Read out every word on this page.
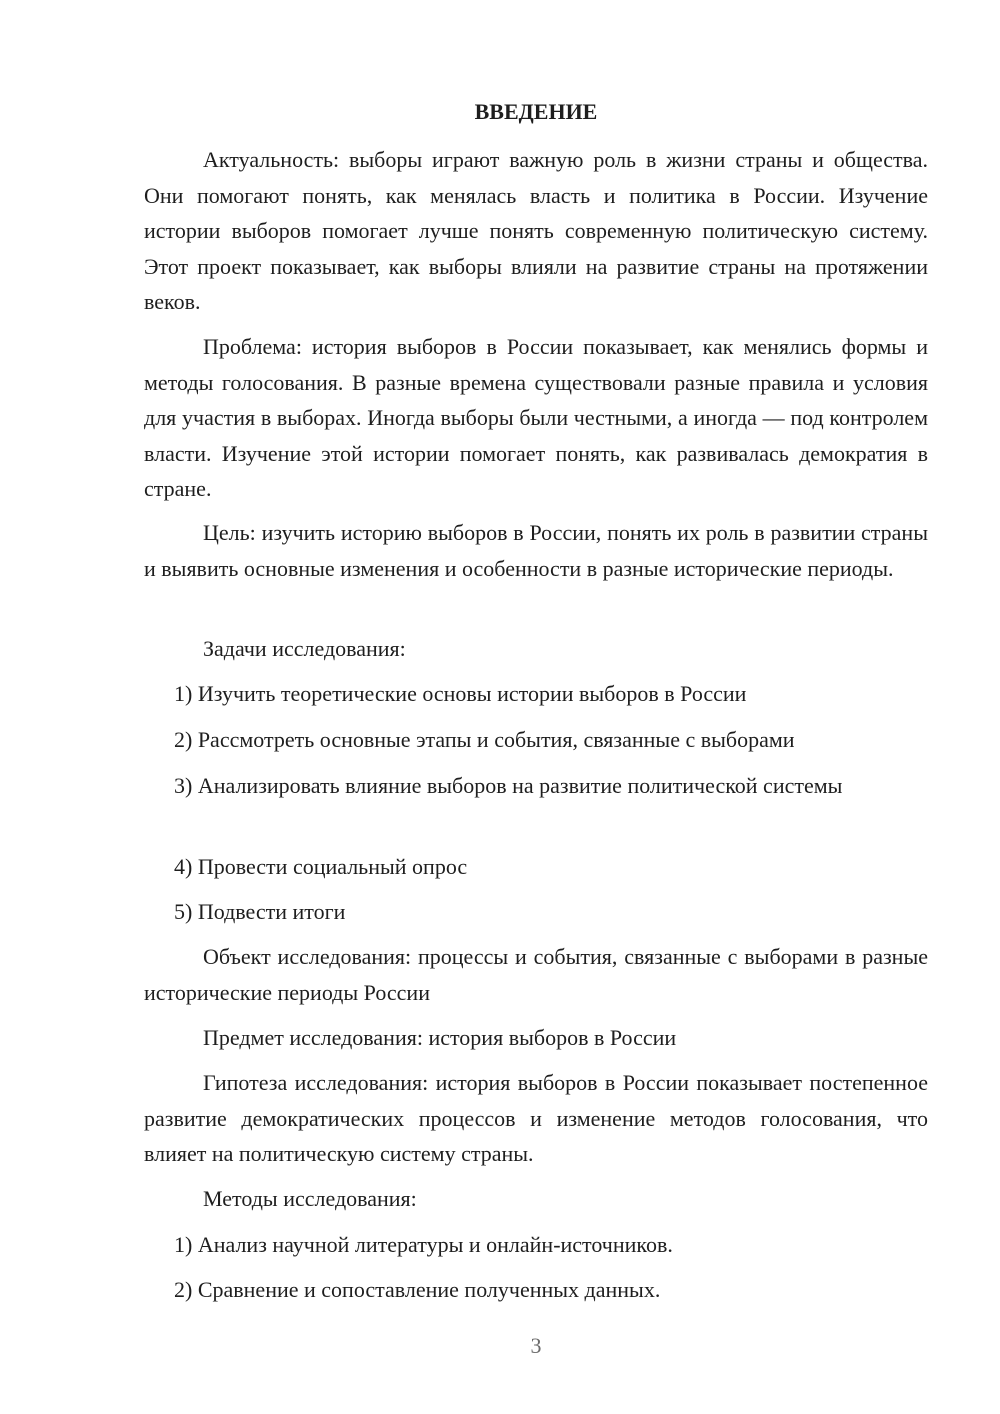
ВВЕДЕНИЕ

Актуальность: выборы играют важную роль в жизни страны и общества. Они помогают понять, как менялась власть и политика в России. Изучение истории выборов помогает лучше понять современную политическую систему. Этот проект показывает, как выборы влияли на развитие страны на протяжении веков.

Проблема: история выборов в России показывает, как менялись формы и методы голосования. В разные времена существовали разные правила и условия для участия в выборах. Иногда выборы были честными, а иногда — под контролем власти. Изучение этой истории помогает понять, как развивалась демократия в стране.

Цель: изучить историю выборов в России, понять их роль в развитии страны и выявить основные изменения и особенности в разные исторические периоды.

Задачи исследования:

1) Изучить теоретические основы истории выборов в России

2) Рассмотреть основные этапы и события, связанные с выборами

3) Анализировать влияние выборов на развитие политической системы

4) Провести социальный опрос

5) Подвести итоги

Объект исследования: процессы и события, связанные с выборами в разные исторические периоды России

Предмет исследования: история выборов в России

Гипотеза исследования: история выборов в России показывает постепенное развитие демократических процессов и изменение методов голосования, что влияет на политическую систему страны.

Методы исследования:

1) Анализ научной литературы и онлайн-источников.

2) Сравнение и сопоставление полученных данных.

3
